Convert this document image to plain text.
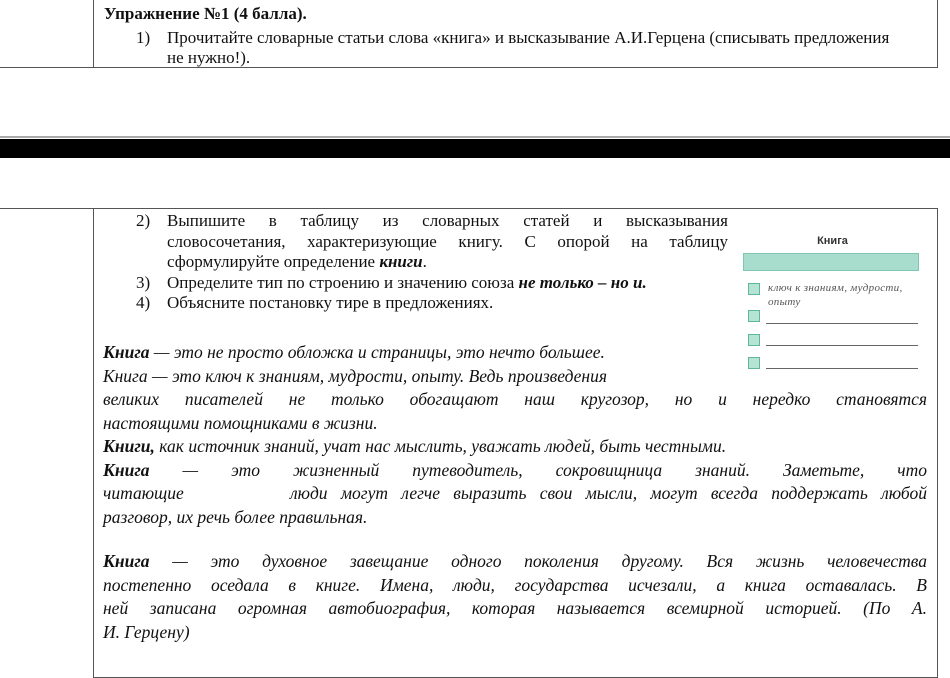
Упражнение №1 (4 балла).
1) Прочитайте словарные статьи слова «книга» и высказывание А.И.Герцена (списывать предложения не нужно!).
2) Выпишите в таблицу из словарных статей и высказывания
словосочетания, характеризующие книгу. С опорой на таблицу
сформулируйте определение книги.
3) Определите тип по строению и значению союза не только – но и.
4) Объясните постановку тире в предложениях.
Книга
ключ к знаниям, мудрости, опыту
Книга — это не просто обложка и страницы, это нечто большее.
Книга — это ключ к знаниям, мудрости, опыту. Ведь произведения
великих писателей не только обогащают наш кругозор, но и нередко становятся
настоящими помощниками в жизни.
Книги, как источник знаний, учат нас мыслить, уважать людей, быть честными.
Книга   —   это   жизненный   путеводитель,   сокровищница   знаний.   Заметьте,   что
читающие        люди могут легче выразить свои мысли, могут всегда поддержать любой
разговор, их речь более правильная.
Книга — это духовное завещание одного поколения другому. Вся жизнь человечества
постепенно оседала в книге. Имена, люди, государства исчезали, а книга оставалась. В
ней записана огромная автобиография, которая называется всемирной историей. (По А.
И. Герцену)
